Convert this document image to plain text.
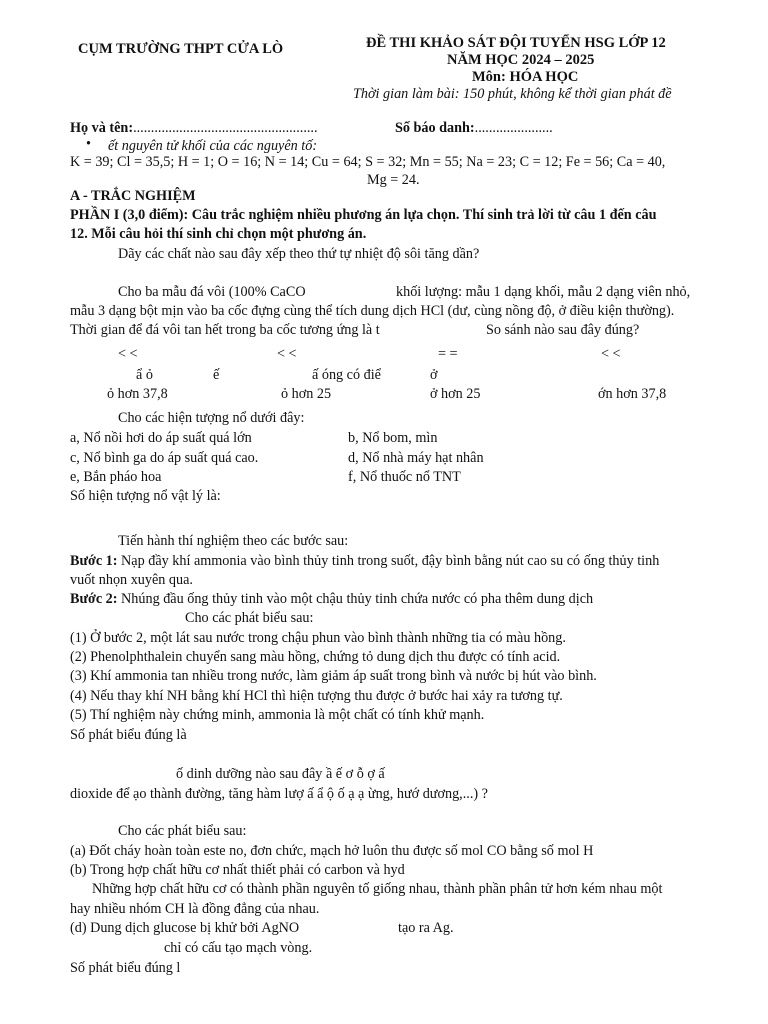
CỤM TRƯỜNG THPT CỬA LÒ	ĐỀ THI KHẢO SÁT ĐỘI TUYỂN HSG LỚP 12
NĂM HỌC 2024 – 2025
Môn: HÓA HỌC
Thời gian làm bài: 150 phút, không kể thời gian phát đề
Họ và tên:....................................................	Số báo danh:......................
• ết nguyên tử khối của các nguyên tố:
K = 39; Cl = 35,5; H = 1; O = 16; N = 14; Cu = 64; S = 32; Mn = 55; Na = 23; C = 12; Fe = 56; Ca = 40,
Mg = 24.
A - TRẮC NGHIỆM
PHẦN I (3,0 điểm): Câu trắc nghiệm nhiều phương án lựa chọn. Thí sinh trả lời từ câu 1 đến câu
12. Mỗi câu hỏi thí sinh chỉ chọn một phương án.
Dãy các chất nào sau đây xếp theo thứ tự nhiệt độ sôi tăng dần?
Cho ba mẫu đá vôi (100% CaCO	khối lượng: mẫu 1 dạng khối, mẫu 2 dạng viên nhỏ,
mẫu 3 dạng bột mịn vào ba cốc đựng cùng thể tích dung dịch HCl (dư, cùng nồng độ, ở điều kiện thường).
Thời gian để đá vôi tan hết trong ba cốc tương ứng là t	So sánh nào sau đây đúng?
< <	< <	= =	< <
ẩ ỏ	ế	ấ óng có điể	ở
ỏ hơn 37,8	ỏ hơn 25	ở hơn 25	ớn hơn 37,8
Cho các hiện tượng nổ dưới đây:
a, Nổ nồi hơi do áp suất quá lớn	b, Nổ bom, mìn
c, Nổ bình ga do áp suất quá cao.	d, Nổ nhà máy hạt nhân
e, Bắn pháo hoa	f, Nổ thuốc nổ TNT
Số hiện tượng nổ vật lý là:
Tiến hành thí nghiệm theo các bước sau:
Bước 1: Nạp đầy khí ammonia vào bình thủy tinh trong suốt, đậy bình bằng nút cao su có ống thủy tinh
vuốt nhọn xuyên qua.
Bước 2: Nhúng đầu ống thủy tinh vào một chậu thủy tinh chứa nước có pha thêm dung dịch
Cho các phát biểu sau:
(1) Ở bước 2, một lát sau nước trong chậu phun vào bình thành những tia có màu hồng.
(2) Phenolphthalein chuyển sang màu hồng, chứng tỏ dung dịch thu được có tính acid.
(3) Khí ammonia tan nhiều trong nước, làm giảm áp suất trong bình và nước bị hút vào bình.
(4) Nếu thay khí NH bằng khí HCl thì hiện tượng thu được ở bước hai xảy ra tương tự.
(5) Thí nghiệm này chứng minh, ammonia là một chất có tính khử mạnh.
Số phát biểu đúng là
ố dinh dưỡng nào sau đây ầ ế ơ ỗ ợ ấ
dioxide để ạo thành đường, tăng hàm lượ ấ ẩ ộ ố ạ ạ ừng, hướ dương,...) ?
Cho các phát biểu sau:
(a) Đốt cháy hoàn toàn este no, đơn chức, mạch hở luôn thu được số mol CO bằng số mol H
(b) Trong hợp chất hữu cơ nhất thiết phải có carbon và hyd
Những hợp chất hữu cơ có thành phần nguyên tố giống nhau, thành phần phân tử hơn kém nhau một
hay nhiều nhóm CH là đồng đẳng của nhau.
(d) Dung dịch glucose bị khử bởi AgNO	tạo ra Ag.
chỉ có cấu tạo mạch vòng.
Số phát biểu đúng l
